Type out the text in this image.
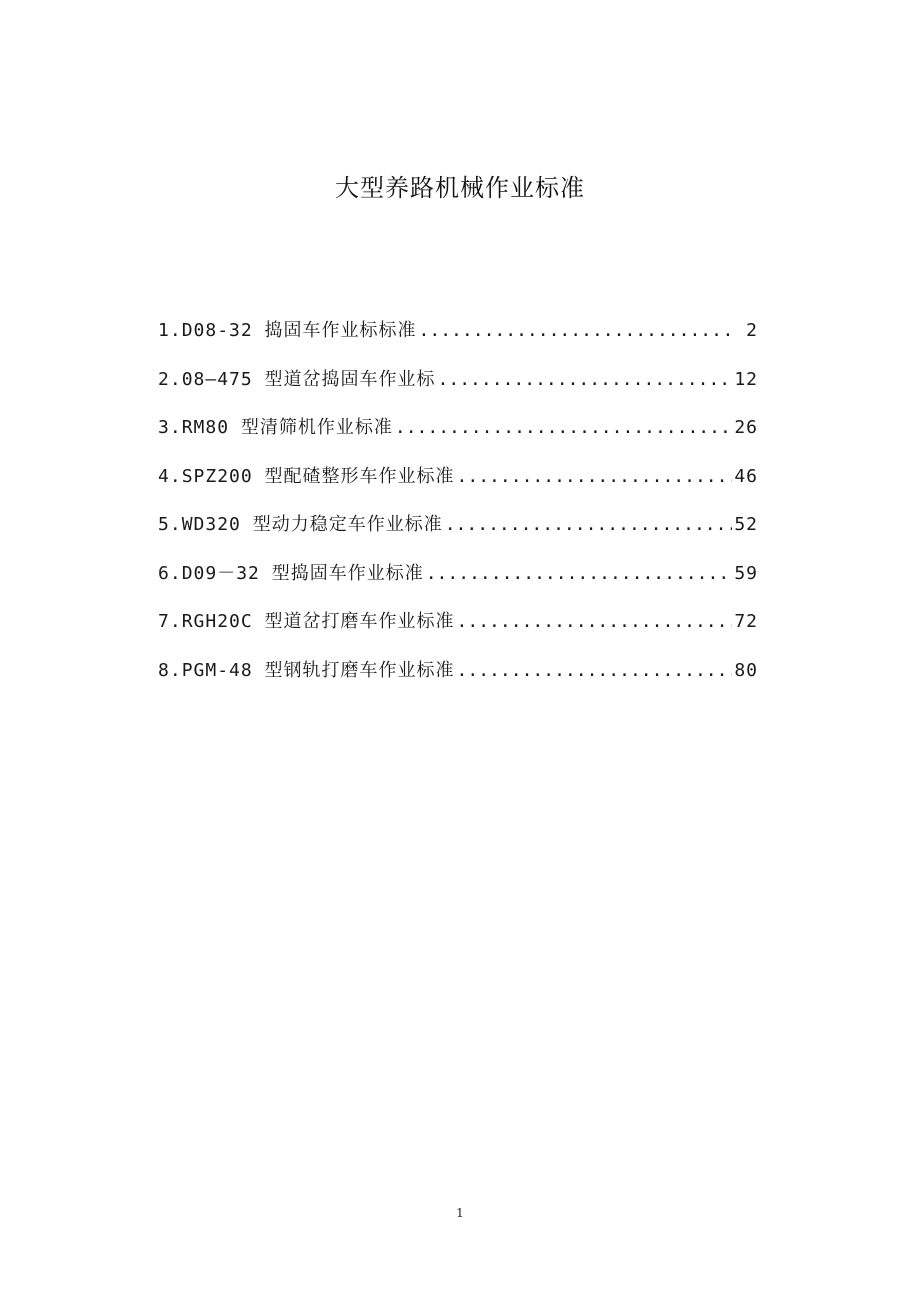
大型养路机械作业标准
1. D08-32 捣固车作业标标准 .....	. 2
2. 08—475 型道岔捣固车作业标 .....	12
3. RM80 型清筛机作业标准 .....	26
4. SPZ200 型配碴整形车作业标准 .....	46
5. WD320 型动力稳定车作业标准 .....	52
6. D09－32 型捣固车作业标准 .....	59
7. RGH20C 型道岔打磨车作业标准 .....	72
8. PGM-48 型钢轨打磨车作业标准 .....	80
1
